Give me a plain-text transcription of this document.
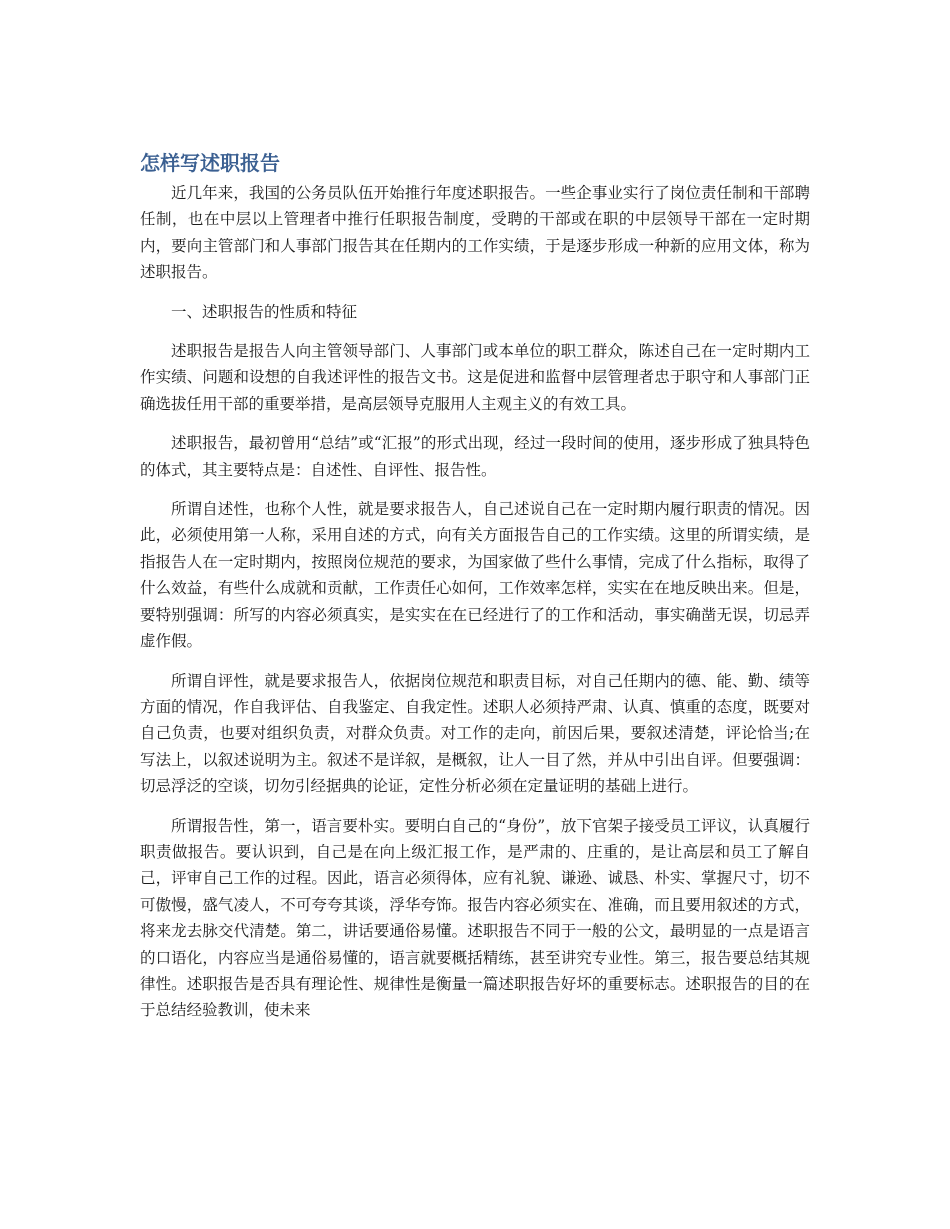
怎样写述职报告

近几年来，我国的公务员队伍开始推行年度述职报告。一些企事业实行了岗位责任制和干部聘任制，也在中层以上管理者中推行任职报告制度，受聘的干部或在职的中层领导干部在一定时期内，要向主管部门和人事部门报告其在任期内的工作实绩，于是逐步形成一种新的应用文体，称为述职报告。

一、述职报告的性质和特征

述职报告是报告人向主管领导部门、人事部门或本单位的职工群众，陈述自己在一定时期内工作实绩、问题和设想的自我述评性的报告文书。这是促进和监督中层管理者忠于职守和人事部门正确选拔任用干部的重要举措，是高层领导克服用人主观主义的有效工具。

述职报告，最初曾用“总结”或“汇报”的形式出现，经过一段时间的使用，逐步形成了独具特色的体式，其主要特点是：自述性、自评性、报告性。

所谓自述性，也称个人性，就是要求报告人，自己述说自己在一定时期内履行职责的情况。因此，必须使用第一人称，采用自述的方式，向有关方面报告自己的工作实绩。这里的所谓实绩，是指报告人在一定时期内，按照岗位规范的要求，为国家做了些什么事情，完成了什么指标，取得了什么效益，有些什么成就和贡献，工作责任心如何，工作效率怎样，实实在在地反映出来。但是，要特别强调：所写的内容必须真实，是实实在在已经进行了的工作和活动，事实确凿无误，切忌弄虚作假。

所谓自评性，就是要求报告人，依据岗位规范和职责目标，对自己任期内的德、能、勤、绩等方面的情况，作自我评估、自我鉴定、自我定性。述职人必须持严肃、认真、慎重的态度，既要对自己负责，也要对组织负责，对群众负责。对工作的走向，前因后果，要叙述清楚，评论恰当;在写法上，以叙述说明为主。叙述不是详叙，是概叙，让人一目了然，并从中引出自评。但要强调：切忌浮泛的空谈，切勿引经据典的论证，定性分析必须在定量证明的基础上进行。

所谓报告性，第一，语言要朴实。要明白自己的“身份”，放下官架子接受员工评议，认真履行职责做报告。要认识到，自己是在向上级汇报工作，是严肃的、庄重的，是让高层和员工了解自己，评审自己工作的过程。因此，语言必须得体，应有礼貌、谦逊、诚恳、朴实、掌握尺寸，切不可傲慢，盛气凌人，不可夸夸其谈，浮华夸饰。报告内容必须实在、准确，而且要用叙述的方式，将来龙去脉交代清楚。第二，讲话要通俗易懂。述职报告不同于一般的公文，最明显的一点是语言的口语化，内容应当是通俗易懂的，语言就要概括精练，甚至讲究专业性。第三，报告要总结其规律性。述职报告是否具有理论性、规律性是衡量一篇述职报告好坏的重要标志。述职报告的目的在于总结经验教训，使未来
